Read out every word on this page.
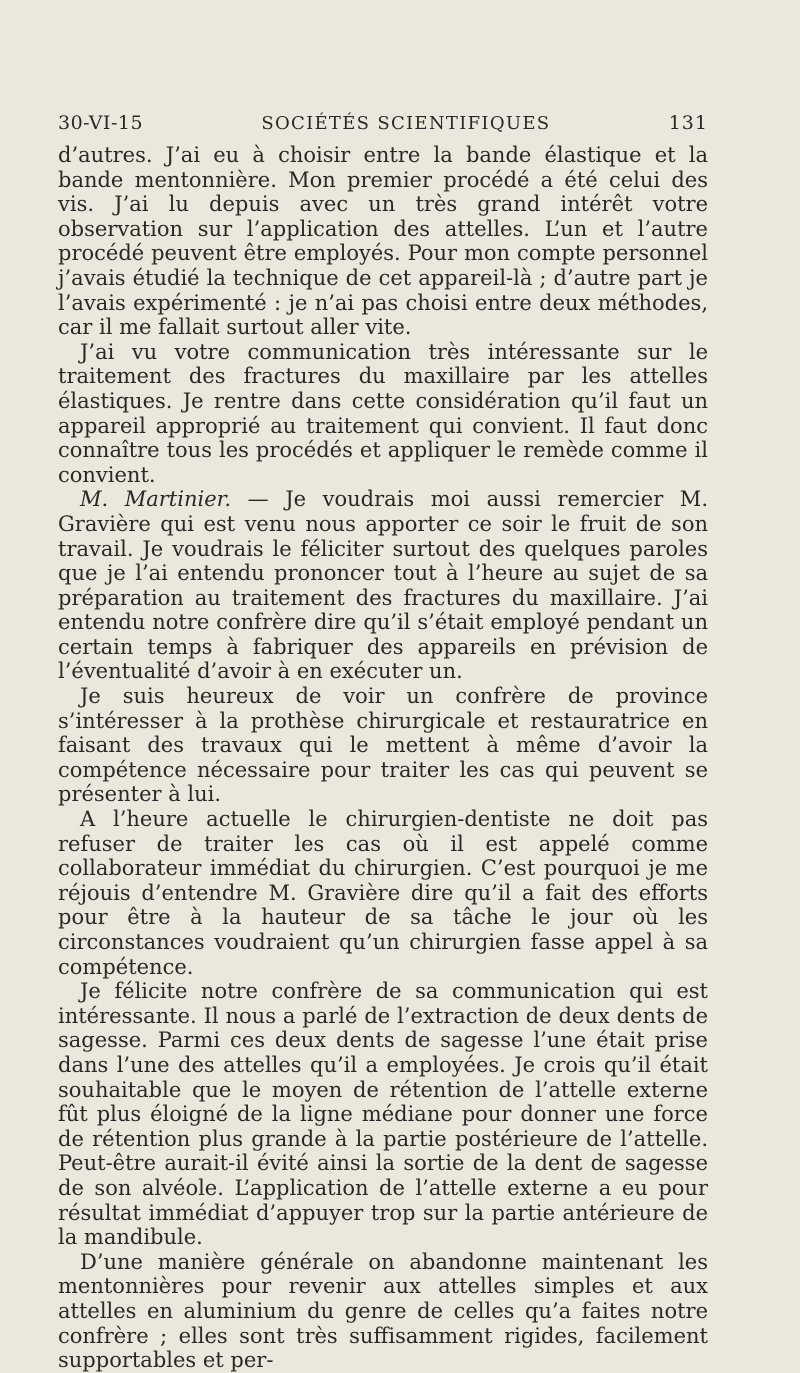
30-VI-15	SOCIÉTÉS SCIENTIFIQUES	131

d’autres. J’ai eu à choisir entre la bande élastique et la bande mentonnière. Mon premier procédé a été celui des vis. J’ai lu depuis avec un très grand intérêt votre observation sur l’application des attelles. L’un et l’autre procédé peuvent être employés. Pour mon compte personnel j’avais étudié la technique de cet appareil-là ; d’autre part je l’avais expérimenté : je n’ai pas choisi entre deux méthodes, car il me fallait surtout aller vite.

J’ai vu votre communication très intéressante sur le traitement des fractures du maxillaire par les attelles élastiques. Je rentre dans cette considération qu’il faut un appareil approprié au traitement qui convient. Il faut donc connaître tous les procédés et appliquer le remède comme il convient.

M. Martinier. — Je voudrais moi aussi remercier M. Gravière qui est venu nous apporter ce soir le fruit de son travail. Je voudrais le féliciter surtout des quelques paroles que je l’ai entendu prononcer tout à l’heure au sujet de sa préparation au traitement des fractures du maxillaire. J’ai entendu notre confrère dire qu’il s’était employé pendant un certain temps à fabriquer des appareils en prévision de l’éventualité d’avoir à en exécuter un.

Je suis heureux de voir un confrère de province s’intéresser à la prothèse chirurgicale et restauratrice en faisant des travaux qui le mettent à même d’avoir la compétence nécessaire pour traiter les cas qui peuvent se présenter à lui.

A l’heure actuelle le chirurgien-dentiste ne doit pas refuser de traiter les cas où il est appelé comme collaborateur immédiat du chirurgien. C’est pourquoi je me réjouis d’entendre M. Gravière dire qu’il a fait des efforts pour être à la hauteur de sa tâche le jour où les circonstances voudraient qu’un chirurgien fasse appel à sa compétence.

Je félicite notre confrère de sa communication qui est intéressante. Il nous a parlé de l’extraction de deux dents de sagesse. Parmi ces deux dents de sagesse l’une était prise dans l’une des attelles qu’il a employées. Je crois qu’il était souhaitable que le moyen de rétention de l’attelle externe fût plus éloigné de la ligne médiane pour donner une force de rétention plus grande à la partie postérieure de l’attelle. Peut-être aurait-il évité ainsi la sortie de la dent de sagesse de son alvéole. L’application de l’attelle externe a eu pour résultat immédiat d’appuyer trop sur la partie antérieure de la mandibule.

D’une manière générale on abandonne maintenant les mentonnières pour revenir aux attelles simples et aux attelles en aluminium du genre de celles qu’a faites notre confrère ; elles sont très suffisamment rigides, facilement supportables et per-
